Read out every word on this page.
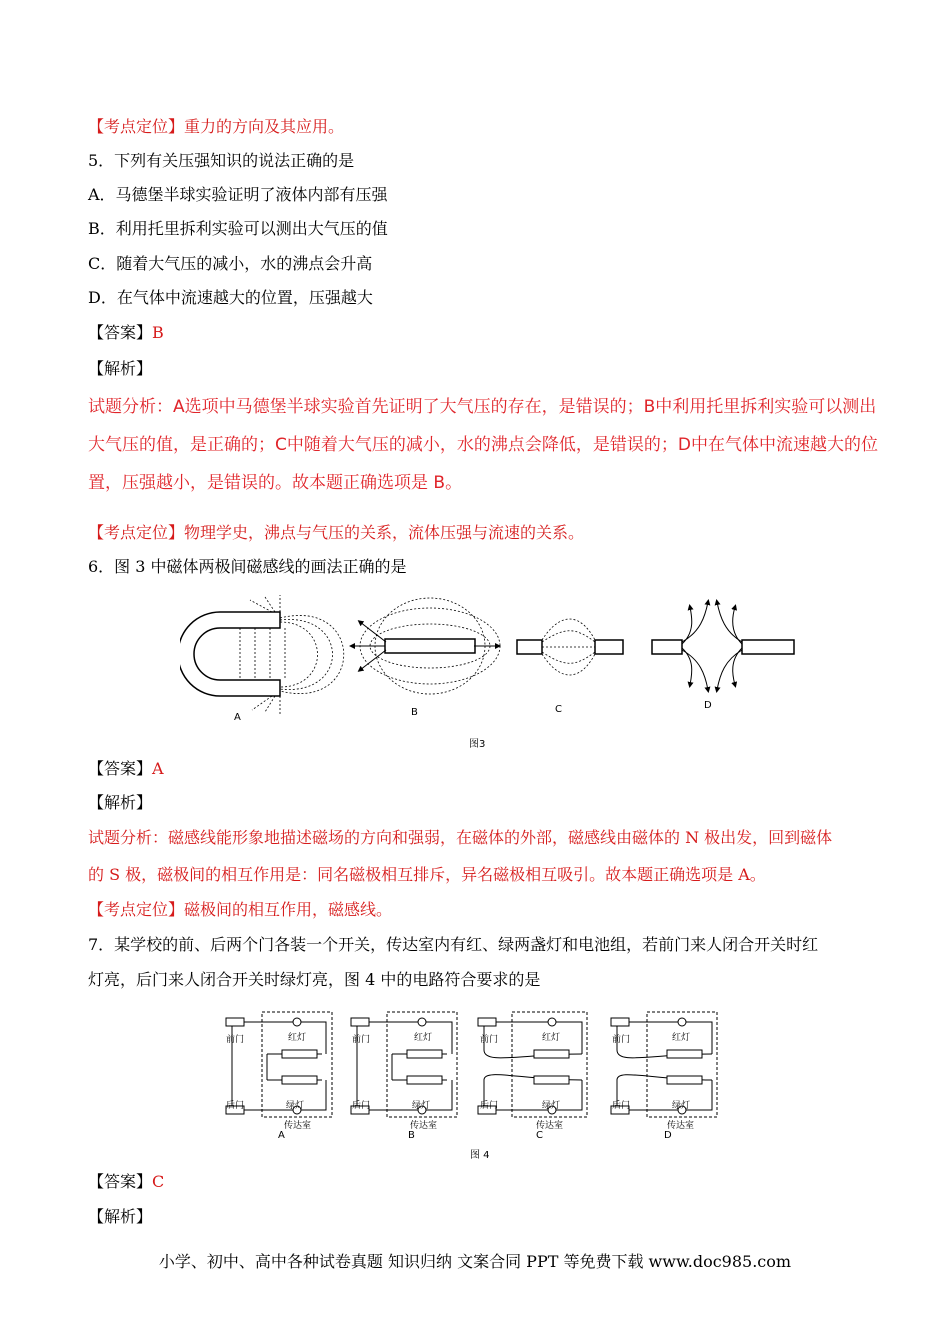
【考点定位】重力的方向及其应用。
5．下列有关压强知识的说法正确的是
A．马德堡半球实验证明了液体内部有压强
B．利用托里拆利实验可以测出大气压的值
C．随着大气压的减小，水的沸点会升高
D．在气体中流速越大的位置，压强越大
【答案】B
【解析】
试题分析：A选项中马德堡半球实验首先证明了大气压的存在，是错误的；B中利用托里拆利实验可以测出
大气压的值，是正确的；C中随着大气压的减小，水的沸点会降低，是错误的；D中在气体中流速越大的位
置，压强越小，是错误的。故本题正确选项是 B。
【考点定位】物理学史，沸点与气压的关系，流体压强与流速的关系。
6．图 3 中磁体两极间磁感线的画法正确的是
A	B	C	D
图3
【答案】A
【解析】
试题分析：磁感线能形象地描述磁场的方向和强弱，在磁体的外部，磁感线由磁体的 N 极出发，回到磁体
的 S 极，磁极间的相互作用是：同名磁极相互排斥，异名磁极相互吸引。故本题正确选项是 A。
【考点定位】磁极间的相互作用，磁感线。
7．某学校的前、后两个门各装一个开关，传达室内有红、绿两盏灯和电池组，若前门来人闭合开关时红
灯亮，后门来人闭合开关时绿灯亮，图 4 中的电路符合要求的是
前门	红灯
后门	绿灯
传达室
前门	红灯
后门	绿灯
传达室
前门	红灯
后门	绿灯
传达室
前门	红灯
后门	绿灯
传达室
A	B	C	D
图 4
【答案】C
【解析】
小学、初中、高中各种试卷真题 知识归纳 文案合同 PPT 等免费下载 www.doc985.com
